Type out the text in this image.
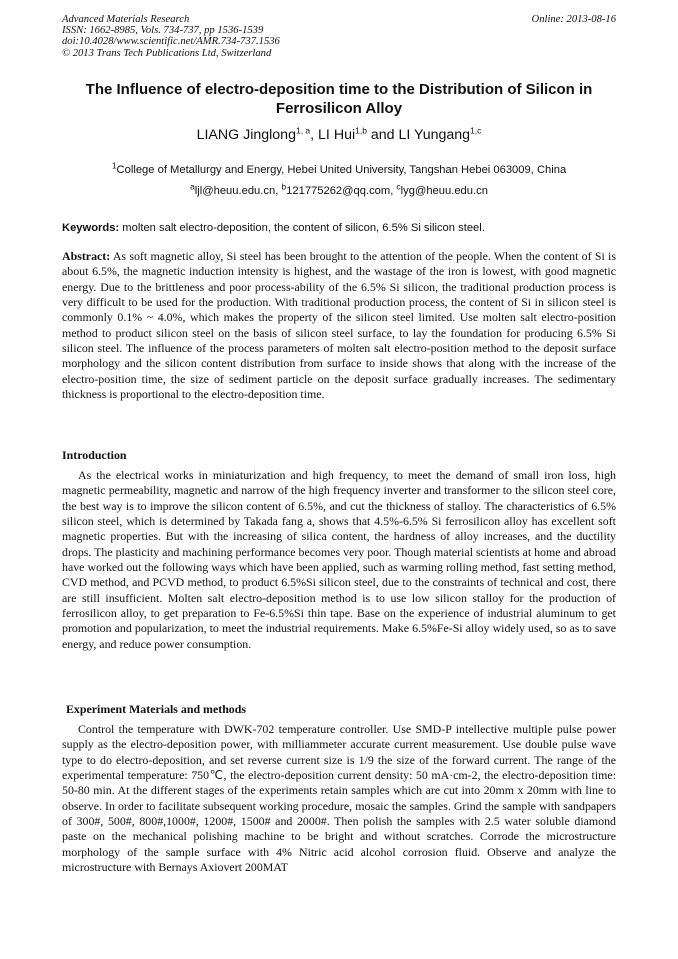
Advanced Materials Research
ISSN: 1662-8985, Vols. 734-737, pp 1536-1539
doi:10.4028/www.scientific.net/AMR.734-737.1536
© 2013 Trans Tech Publications Ltd, Switzerland
Online: 2013-08-16
The Influence of electro-deposition time to the Distribution of Silicon in Ferrosilicon Alloy
LIANG Jinglong$^{1, a}$, LI Hui$^{1,b}$ and LI Yungang$^{1,c}$
$^1$College of Metallurgy and Energy, Hebei United University, Tangshan Hebei 063009, China
$^a$ljl@heuu.edu.cn, $^b$121775262@qq.com, $^c$lyg@heuu.edu.cn
Keywords: molten salt electro-deposition, the content of silicon, 6.5% Si silicon steel.

Abstract: As soft magnetic alloy, Si steel has been brought to the attention of the people. When the content of Si is about 6.5%, the magnetic induction intensity is highest, and the wastage of the iron is lowest, with good magnetic energy. Due to the brittleness and poor process-ability of the 6.5% Si silicon, the traditional production process is very difficult to be used for the production. With traditional production process, the content of Si in silicon steel is commonly 0.1% ~ 4.0%, which makes the property of the silicon steel limited. Use molten salt electro-position method to product silicon steel on the basis of silicon steel surface, to lay the foundation for producing 6.5% Si silicon steel. The influence of the process parameters of molten salt electro-position method to the deposit surface morphology and the silicon content distribution from surface to inside shows that along with the increase of the electro-position time, the size of sediment particle on the deposit surface gradually increases. The sedimentary thickness is proportional to the electro-deposition time.

Introduction

As the electrical works in miniaturization and high frequency, to meet the demand of small iron loss, high magnetic permeability, magnetic and narrow of the high frequency inverter and transformer to the silicon steel core, the best way is to improve the silicon content of 6.5%, and cut the thickness of stalloy. The characteristics of 6.5% silicon steel, which is determined by Takada fang a, shows that 4.5%-6.5% Si ferrosilicon alloy has excellent soft magnetic properties. But with the increasing of silica content, the hardness of alloy increases, and the ductility drops. The plasticity and machining performance becomes very poor. Though material scientists at home and abroad have worked out the following ways which have been applied, such as warming rolling method, fast setting method, CVD method, and PCVD method, to product 6.5%Si silicon steel, due to the constraints of technical and cost, there are still insufficient. Molten salt electro-deposition method is to use low silicon stalloy for the production of ferrosilicon alloy, to get preparation to Fe-6.5%Si thin tape. Base on the experience of industrial aluminum to get promotion and popularization, to meet the industrial requirements. Make 6.5%Fe-Si alloy widely used, so as to save energy, and reduce power consumption.

Experiment Materials and methods

Control the temperature with DWK-702 temperature controller. Use SMD-P intellective multiple pulse power supply as the electro-deposition power, with milliammeter accurate current measurement. Use double pulse wave type to do electro-deposition, and set reverse current size is 1/9 the size of the forward current. The range of the experimental temperature: 750℃, the electro-deposition current density: 50 mA·cm-2, the electro-deposition time: 50-80 min. At the different stages of the experiments retain samples which are cut into 20mm x 20mm with line to observe. In order to facilitate subsequent working procedure, mosaic the samples. Grind the sample with sandpapers of 300#, 500#, 800#,1000#, 1200#, 1500# and 2000#. Then polish the samples with 2.5 water soluble diamond paste on the mechanical polishing machine to be bright and without scratches. Corrode the microstructure morphology of the sample surface with 4% Nitric acid alcohol corrosion fluid. Observe and analyze the microstructure with Bernays Axiovert 200MAT
